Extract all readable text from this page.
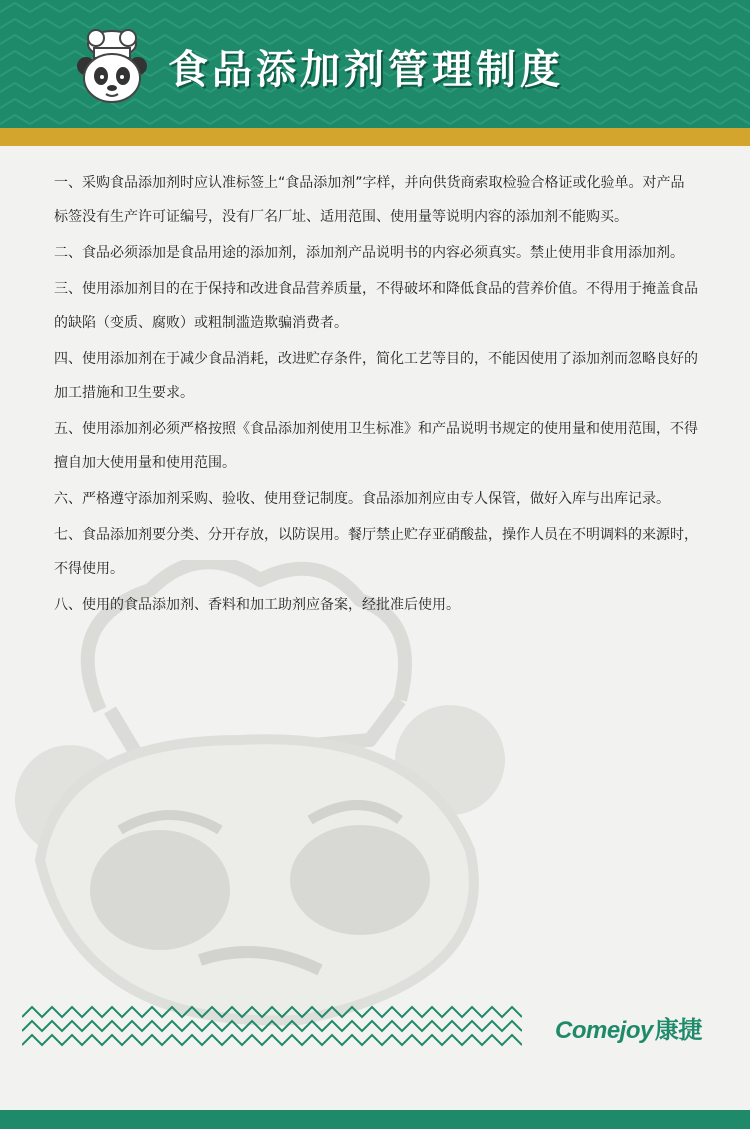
食品添加剂管理制度

一、采购食品添加剂时应认准标签上“食品添加剂”字样，并向供货商索取检验合格证或化验单。对产品标签没有生产许可证编号，没有厂名厂址、适用范围、使用量等说明内容的添加剂不能购买。

二、食品必须添加是食品用途的添加剂，添加剂产品说明书的内容必须真实。禁止使用非食用添加剂。

三、使用添加剂目的在于保持和改进食品营养质量，不得破坏和降低食品的营养价值。不得用于掩盖食品的缺陷（变质、腐败）或粗制滥造欺骗消费者。

四、使用添加剂在于减少食品消耗，改进贮存条件，简化工艺等目的，不能因使用了添加剂而忽略良好的加工措施和卫生要求。

五、使用添加剂必须严格按照《食品添加剂使用卫生标准》和产品说明书规定的使用量和使用范围，不得擅自加大使用量和使用范围。

六、严格遵守添加剂采购、验收、使用登记制度。食品添加剂应由专人保管，做好入库与出库记录。

七、食品添加剂要分类、分开存放，以防误用。餐厅禁止贮存亚硝酸盐，操作人员在不明调料的来源时，不得使用。

八、使用的食品添加剂、香料和加工助剂应备案，经批准后使用。

Comejoy康捷
